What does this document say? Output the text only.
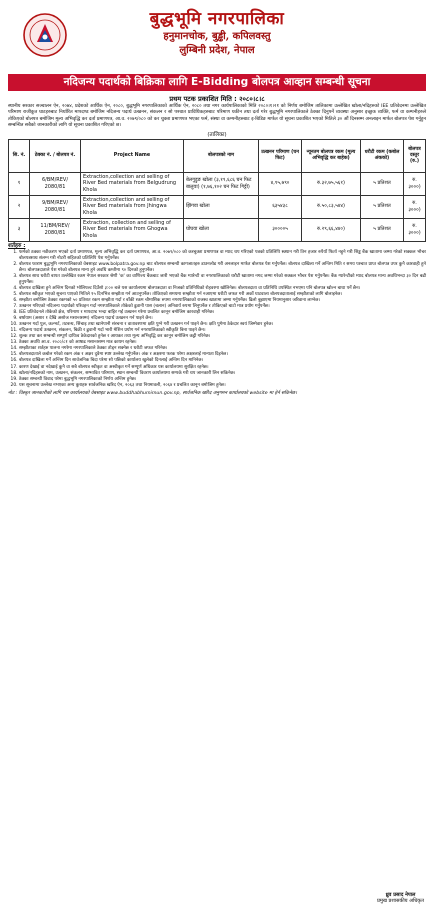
बुद्धभूमि नगरपालिका
हनुमानचोक, बुड्ढी, कपिलवस्तु
लुम्बिनी प्रदेश, नेपाल
नदिजन्य पदार्थको बिक्रिका लागि E-Bidding बोलपत्र आव्हान सम्बन्धी सूचना
प्रथम पटक प्रकाशित मिति : २०८०।८।८

स्थानीय सरकार सञ्चालन ऐन, २०७४, प्रदेशको आर्थिक ऐन, २०८०, बुद्धभूमि नगरपालिकाको आर्थिक ऐन, २०८० तथा नगर कार्यपालिकाको मिति २०८०।१।२१ को निर्णय बमोजिम तालिकामा उल्लेखित खोला/नदिहरुको IEE प्रतिवेदनमा उल्लेखित परिमाण राजीकुत घाटहरुबाट निर्धारित मापदण्ड बमोजिम नदिजन्य पदार्थ उत्खनन, संकलन र सो पश्चात प्राविधिकहरुबाट परिमाण यकीन तथा दर्ता गरेर बुद्धभूमि नगरपालिकाले ठेक्का दिनुपर्ने व्यवस्था अनुसार इच्छुक व्यक्ति, फर्म वा कम्पनीहरुले तोकिएको बोलपत्र बमोजिम मूल्य अभिवृद्धि कर दर्ता प्रमाणपत्र, आ.व. २०७९/०८० को कर चुक्ता प्रमाणपत्र भएका फर्म, संस्था वा कम्पनीहरुबाट इ-बिडिङ मार्फत यो सूचना प्रकाशित भएको मितिले ३० औं दिनसम्म अनलाइन मार्फत बोलपत्र पेश गर्नुहुन सम्बन्धित सबैको जानकारीको लागि यो सूचना प्रकाशित गरिएको छ।

(तालिका)
सि. नं.	ठेक्का नं. / बोलपत्र नं.	Project Name	बोलपत्रको नाम	उत्खनन परिमाण (घन फिट)	न्यूनतम बोलपत्र रकम (मूल्य अभिवृद्धि कर बाहेक)	धरौटी रकम (कबोल अंकको)	बोलपत्र दस्तुर (रु.)
१	6/BM/REV/ 2080/81	Extraction,collection and selling of River Bed materials from Belgudrung Khola	बेलगुड्रुङ खोला (३,१९,६८६ घन फिट बालुवा) (१,७६,१०२ घन फिट गिट्टी)	४,९५,७९०	रु.३२,७५,५६१)	५ प्रतिशत	रु. ३०००)
२	9/BM/REV/ 2080/81	Extraction,collection and selling of River Bed materials from Jhingwa Khola	झिंगवा खोला	६३५४३८	रु.५०,८३,५४४)	५ प्रतिशत	रु. ३०००)
३	11/BM/REV/ 2080/81	Extraction, collection and selling of River Bed materials from Ghogwa Khola	घोघवा खोला	३००००५	रु.२९,६६,४४०)	५ प्रतिशत	रु. ३०००)
शर्तहरु :
1. फर्मको ठक्का नवीकरण भएको दर्ता प्रमाणपत्र, मूल्य अभिवृद्धि कर दर्ता प्रमाणपत्र, आ.व. २०७९/०८० को करचुक्ता प्रमाणपत्र वा म्याद थप गरिएको पत्रको प्रतिलिपि स्क्यान गरी तिन हजार रुपैयाँ फिर्ता नहुने गरी सिड्ड बैंक खातामा जम्मा गरेको सक्कल भौचर बोलपत्रसाथ संलग्न गरी नोटरी सहितको प्रतिलिपि पेश गर्नुपर्नेछ।
2. बोलपत्र फाराम बुद्धभूमि नगरपालिकाको वेबसाइट www.bolpatra.gov.np बाट बोलपत्र सम्बन्धी कागजातहरु डाउनलोड गरी अनलाइन मार्फत बोलपत्र पेश गर्नुपर्नेछ। बोलपत्र दाखिला गर्ने अन्तिम मिति र समय पश्चात प्राप्त बोलपत्र उपर कुनै कारवाही हुने छैन। बोलपत्रदाताले पेश गरेको बोलपत्र मान्य हुने अवधि कम्तीमा ९० दिनको हुनुपर्नेछ।
3. बोलपत्र साथ धरौटी बापत उल्लेखित रकम नेपाल सरकार श्रेणी 'क' का वाणिज्य बैंकबाट जारी भएको बैंक ग्यारेन्टी वा नगरपालिकाको धरौटी खातामा नगद जम्मा गरेको सक्कल भौचर पेश गर्नुपर्नेछ। बैंक ग्यारेन्टीको म्याद बोलपत्र मान्य अवधिभन्दा ३० दिन बढी हुनुपर्नेछ।
4. बोलपत्र दाखिला हुने अन्तिम दिनको भोलिपल्ट दिउँसो ३:०० बजे यस कार्यालयमा बोलपत्रदाता वा निजको प्रतिनिधिको रोहवरमा खोलिनेछ। बोलपत्रदाता वा प्रतिनिधि उपस्थित नभएमा पनि बोलपत्र खोल्न बाधा पर्ने छैन।
5. बोलपत्र स्वीकृत भएको सूचना पाएको मितिले १५ दिनभित्र सम्झौता गर्न आउनुपर्नेछ। तोकिएको समयमा सम्झौता गर्न नआएमा धरौटी जफत गरी अर्को घाटवाला बोलपत्रदातालाई सम्झौताको लागि बोलाइनेछ।
6. सम्झौता बमोजिम ठेक्का रकमको ५० प्रतिशत रकम सम्झौता गर्दा र बाँकी रकम चौमासिक रुपमा नगरपालिकाको राजस्व खातामा जम्मा गर्नुपर्नेछ। ढिलो बुझाएमा नियमानुसार जरिवाना लाग्नेछ।
7. उत्खनन गरिएको नदिजन्य पदार्थको परिवहन गर्दा नगरपालिकाले तोकेको ढुवानी पास (चलान) अनिवार्य रुपमा लिनुपर्नेछ र तोकिएको बाटो मात्र प्रयोग गर्नुपर्नेछ।
8. IEE प्रतिवेदनले तोकेको क्षेत्र, परिमाण र मापदण्ड भन्दा बाहिर गई उत्खनन गरेमा प्रचलित कानून बमोजिम कारवाही गरिनेछ।
9. बर्षायाम (असार १ देखि असोज मसान्तसम्म) नदिजन्य पदार्थ उत्खनन गर्न पाइने छैन।
10. उत्खनन गर्दा पुल, कल्भर्ट, तटबन्ध, सिंचाइ तथा खानेपानी संरचना र वातावरणमा क्षति पुग्ने गरी उत्खनन गर्न पाइने छैन। क्षति पुगेमा ठेकेदार स्वयं जिम्मेवार हुनेछ।
11. नदिजन्य पदार्थ उत्खनन, संकलन, बिक्री र ढुवानी गर्दा भारी मेशिन प्रयोग गर्न नगरपालिकाको स्वीकृति बिना पाइने छैन।
12. शुल्क तथा कर सम्बन्धी सम्पूर्ण दायित्व ठेकेदारको हुनेछ र आयकर तथा मूल्य अभिवृद्धि कर कानून बमोजिम कट्टी गरिनेछ।
13. ठेक्का अवधि आ.व. २०८०/८१ को आषाढ मसान्तसम्म मात्र कायम रहनेछ।
14. सम्झौताका शर्तहरु पालना नगरेमा नगरपालिकाले ठेक्का तोड्न सक्नेछ र धरौटी जफत गरिनेछ।
15. बोलपत्रदाताले कबोल गरेको रकम अंक र अक्षर दुवैमा स्पष्ट उल्लेख गर्नुपर्नेछ। अंक र अक्षरमा फरक परेमा अक्षरलाई मान्यता दिइनेछ।
16. बोलपत्र दाखिला गर्ने अन्तिम दिन सार्वजनिक बिदा परेमा सो पछिको कार्यालय खुलेको दिनलाई अन्तिम दिन मानिनेछ।
17. कारण देखाई वा नदेखाई कुनै वा सबै बोलपत्र स्वीकृत वा अस्वीकृत गर्ने सम्पूर्ण अधिकार यस कार्यालयमा सुरक्षित रहनेछ।
18. खोला/नदिहरुको नाम, उत्खनन, संकलन, सम्भावित परिमाण, स्थान सम्बन्धी विवरण कार्यालयमा सम्पर्क गरी थप जानकारी लिन सकिनेछ।
19. ठेक्का सम्बन्धी विवाद परेमा बुद्धभूमि नगरपालिकाको निर्णय अन्तिम हुनेछ।
20. यस सूचनामा उल्लेख नभएका अन्य कुराहरु सार्वजनिक खरिद ऐन, २०६३ तथा नियमावली, २०६४ र प्रचलित कानून बमोजिम हुनेछ।

नोट : विस्तृत जानकारीको लागि यस कार्यालयको वेबसाइट www.buddhabhumimun.gov.np, सार्वजनिक खरिद अनुगमन कार्यालयको website मा हेर्न सकिनेछ।

ध्रुव प्रसाद नेपाल
प्रमुख प्रशासकीय अधिकृत
